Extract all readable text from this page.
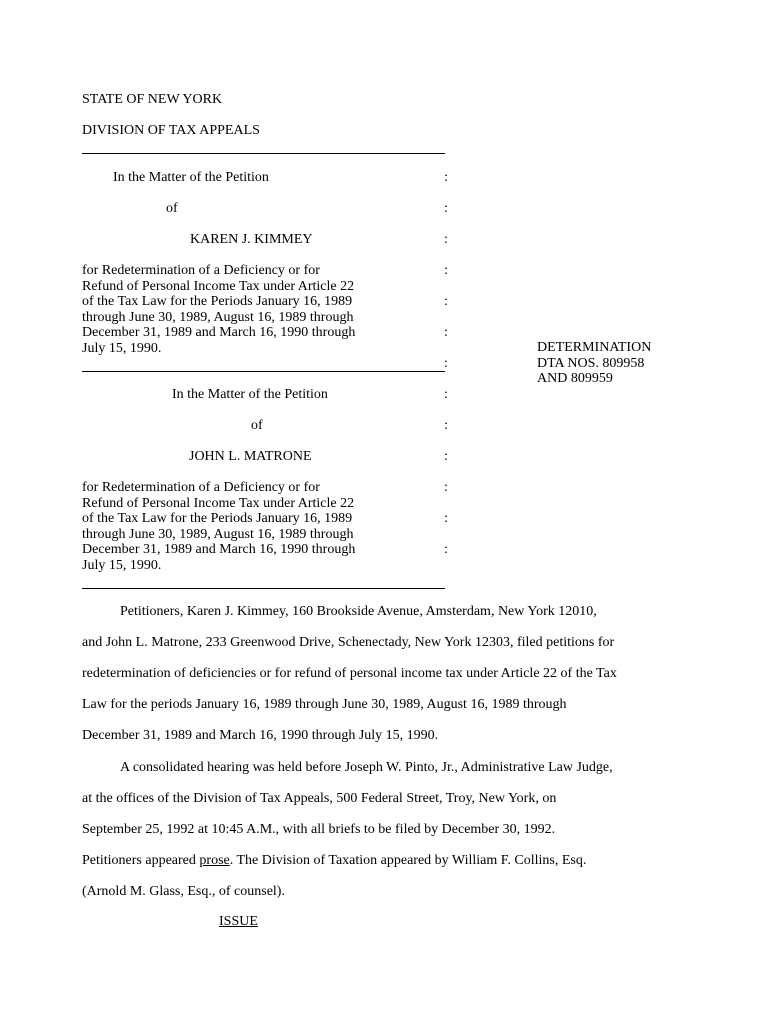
STATE OF NEW YORK
DIVISION OF TAX APPEALS
In the Matter of the Petition
of
KAREN J. KIMMEY
for Redetermination of a Deficiency or for
Refund of Personal Income Tax under Article 22
of the Tax Law for the Periods January 16, 1989
through June 30, 1989, August 16, 1989 through
December 31, 1989 and March 16, 1990 through
July 15, 1990.
:
:
:
:
:
:
:
DETERMINATION
DTA NOS. 809958
AND 809959
In the Matter of the Petition
of
JOHN L. MATRONE
for Redetermination of a Deficiency or for
Refund of Personal Income Tax under Article 22
of the Tax Law for the Periods January 16, 1989
through June 30, 1989, August 16, 1989 through
December 31, 1989 and March 16, 1990 through
July 15, 1990.
:
:
:
:
:
:
Petitioners, Karen J. Kimmey, 160 Brookside Avenue, Amsterdam, New York 12010,
and John L. Matrone, 233 Greenwood Drive, Schenectady, New York 12303, filed petitions for
redetermination of deficiencies or for refund of personal income tax under Article 22 of the Tax
Law for the periods January 16, 1989 through June 30, 1989, August 16, 1989 through
December 31, 1989 and March 16, 1990 through July 15, 1990.
A consolidated hearing was held before Joseph W. Pinto, Jr., Administrative Law Judge,
at the offices of the Division of Tax Appeals, 500 Federal Street, Troy, New York, on
September 25, 1992 at 10:45 A.M., with all briefs to be filed by December 30, 1992.
Petitioners appeared prose. The Division of Taxation appeared by William F. Collins, Esq.
(Arnold M. Glass, Esq., of counsel).
ISSUE
